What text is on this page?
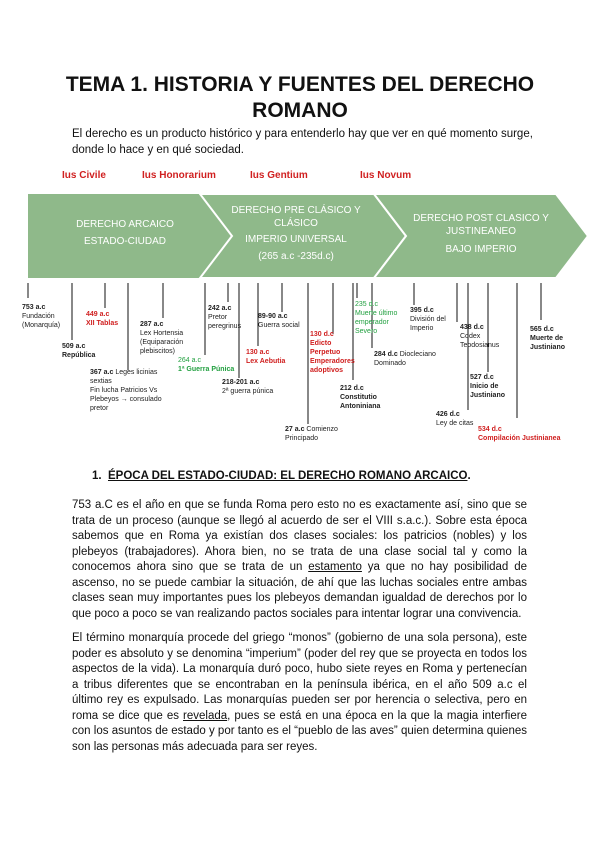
TEMA 1. HISTORIA Y FUENTES DEL DERECHO ROMANO
El derecho es un producto histórico y para entenderlo hay que ver en qué momento surge, donde lo hace y en qué sociedad.
Ius Civile	Ius Honorarium	Ius Gentium	Ius Novum
DERECHO ARCAICO
ESTADO-CIUDAD
DERECHO PRE CLÁSICO Y CLÁSICO
IMPERIO UNIVERSAL
(265 a.c -235d.c)
DERECHO POST CLASICO Y JUSTINEANEO
BAJO IMPERIO
753 a.c
Fundación (Monarquía)
449 a.c
XII Tablas
509 a.c
República
367 a.c Leges licinias sextias
Fin lucha Patricios Vs Plebeyos → consulado pretor
287 a.c
Lex Hortensia (Equiparación plebiscitos)
264 a.c
1ª Guerra Púnica
242 a.c
Pretor peregrinus
130 a.c
Lex Aebutia
218-201 a.c
2ª guerra púnica
89-90 a.c
Guerra social
27 a.c Comienzo Principado
130 d.c
Edicto Perpetuo Emperadores adoptivos
235 d.c
Muerte último emperador Severo
212 d.c
Constitutio Antoniniana
284 d.c Diocleciano Dominado
395 d.c
División del Imperio	438 d.c
Codex Teodosianus
527 d.c
Inicio de Justiniano
426 d.c
Ley de citas
534 d.c
Compilación Justinianea
565 d.c
Muerte de Justiniano
1. ÉPOCA DEL ESTADO-CIUDAD: EL DERECHO ROMANO ARCAICO.
753 a.C es el año en que se funda Roma pero esto no es exactamente así, sino que se trata de un proceso (aunque se llegó al acuerdo de ser el VIII s.a.c.). Sobre esta época sabemos que en Roma ya existían dos clases sociales: los patricios (nobles) y los plebeyos (trabajadores). Ahora bien, no se trata de una clase social tal y como la conocemos ahora sino que se trata de un estamento ya que no hay posibilidad de ascenso, no se puede cambiar la situación, de ahí que las luchas sociales entre ambas clases sean muy importantes pues los plebeyos demandan igualdad de derechos por lo que poco a poco se van realizando pactos sociales para intentar lograr una convivencia.
El término monarquía procede del griego “monos” (gobierno de una sola persona), este poder es absoluto y se denomina “imperium” (poder del rey que se proyecta en todos los aspectos de la vida). La monarquía duró poco, hubo siete reyes en Roma y pertenecían a tribus diferentes que se encontraban en la península ibérica, en el año 509 a.c el último rey es expulsado. Las monarquías pueden ser por herencia o selectiva, pero en roma se dice que es revelada, pues se está en una época en la que la magia interfiere con los asuntos de estado y por tanto es el “pueblo de las aves” quien determina quienes son las personas más adecuada para ser reyes.
